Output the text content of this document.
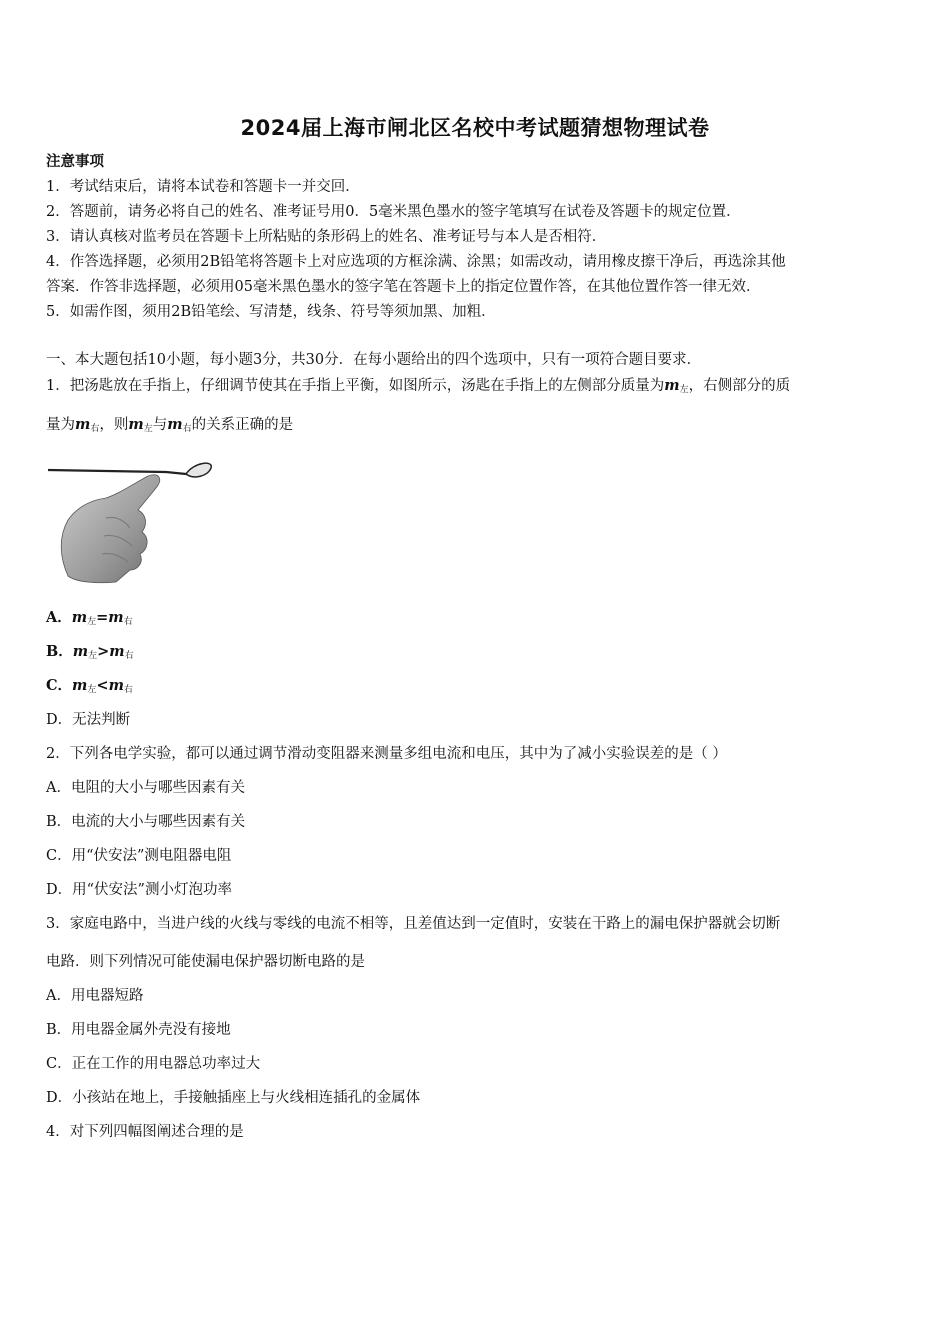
2024届上海市闸北区名校中考试题猜想物理试卷
注意事项
1．考试结束后，请将本试卷和答题卡一并交回．
2．答题前，请务必将自己的姓名、准考证号用0．5毫米黑色墨水的签字笔填写在试卷及答题卡的规定位置．
3．请认真核对监考员在答题卡上所粘贴的条形码上的姓名、准考证号与本人是否相符．
4．作答选择题，必须用2B铅笔将答题卡上对应选项的方框涂满、涂黑；如需改动，请用橡皮擦干净后，再选涂其他
答案．作答非选择题，必须用05毫米黑色墨水的签字笔在答题卡上的指定位置作答，在其他位置作答一律无效．
5．如需作图，须用2B铅笔绘、写清楚，线条、符号等须加黑、加粗．
一、本大题包括10小题，每小题3分，共30分．在每小题给出的四个选项中，只有一项符合题目要求．
1．把汤匙放在手指上，仔细调节使其在手指上平衡，如图所示，汤匙在手指上的左侧部分质量为$m_左$，右侧部分的质
量为$m_右$，则$m_左$与$m_右$的关系正确的是
A．$m_左=m_右$
B．$m_左>m_右$
C．$m_左<m_右$
D．无法判断
2．下列各电学实验，都可以通过调节滑动变阻器来测量多组电流和电压，其中为了减小实验误差的是（ ）
A．电阻的大小与哪些因素有关
B．电流的大小与哪些因素有关
C．用“伏安法”测电阻器电阻
D．用“伏安法”测小灯泡功率
3．家庭电路中，当进户线的火线与零线的电流不相等，且差值达到一定值时，安装在干路上的漏电保护器就会切断
电路．则下列情况可能使漏电保护器切断电路的是
A．用电器短路
B．用电器金属外壳没有接地
C．正在工作的用电器总功率过大
D．小孩站在地上，手接触插座上与火线相连插孔的金属体
4．对下列四幅图阐述合理的是
